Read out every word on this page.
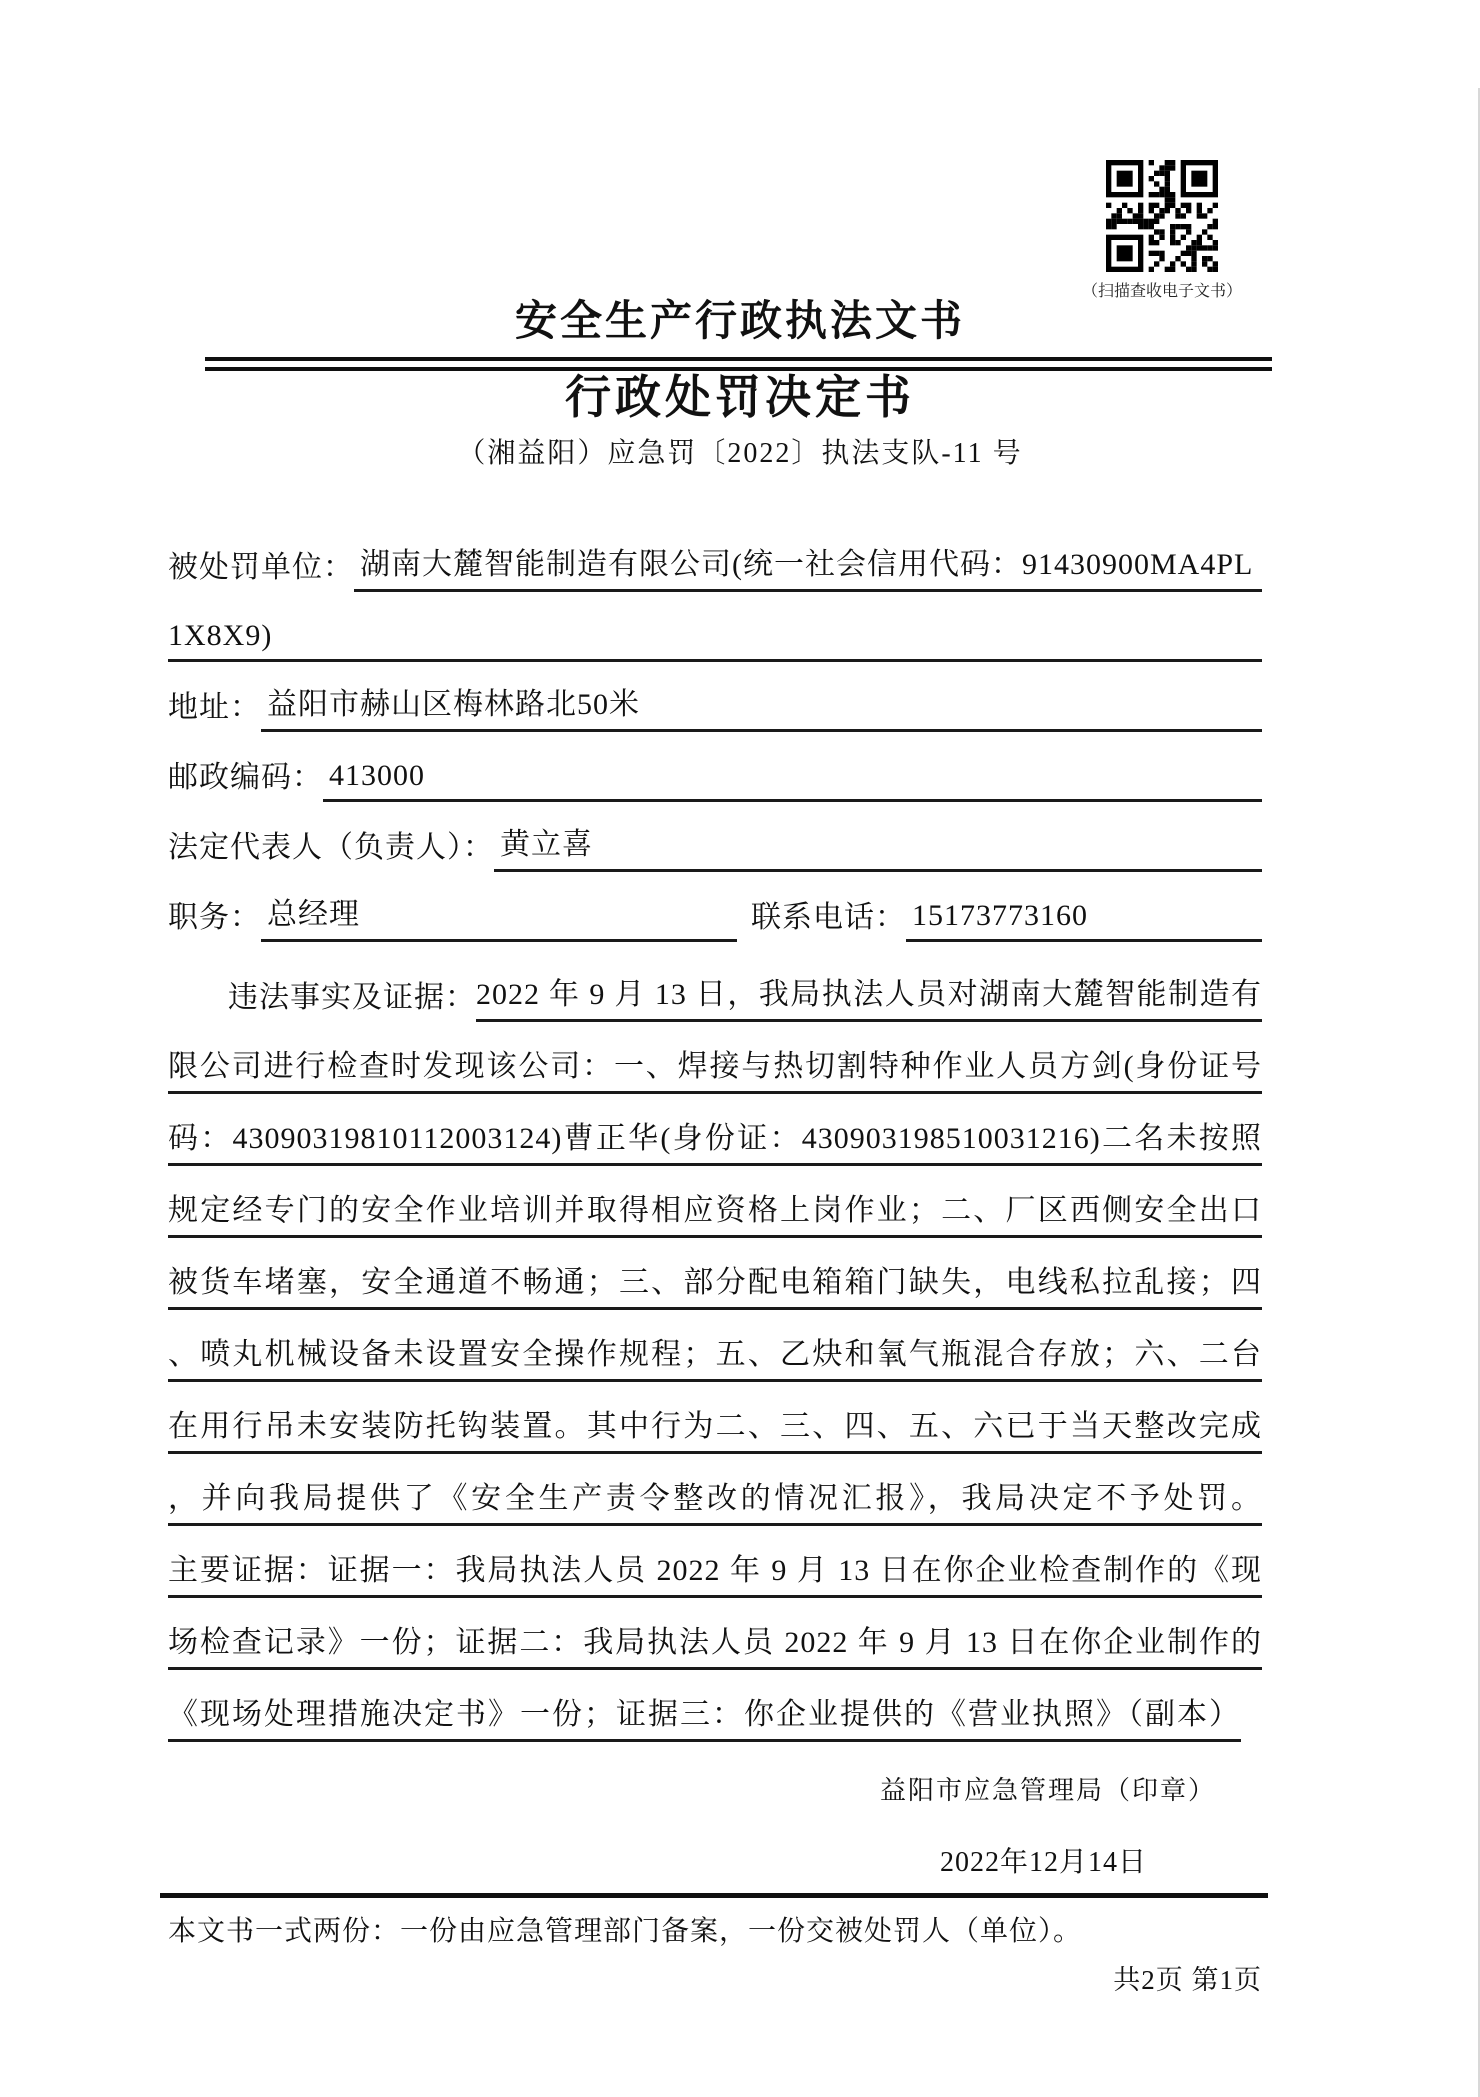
（扫描查收电子文书）
安全生产行政执法文书
行政处罚决定书
（湘益阳）应急罚〔2022〕执法支队-11 号
被处罚单位： 湖南大麓智能制造有限公司(统一社会信用代码：91430900MA4PL
1X8X9)
地址： 益阳市赫山区梅林路北50米
邮政编码： 413000
法定代表人（负责人）： 黄立喜
职务： 总经理	联系电话： 15173773160
违法事实及证据： 2022 年 9 月 13 日，我局执法人员对湖南大麓智能制造有
限公司进行检查时发现该公司：一、焊接与热切割特种作业人员方剑(身份证号
码：43090319810112003124)曹正华(身份证：430903198510031216)二名未按照
规定经专门的安全作业培训并取得相应资格上岗作业；二、厂区西侧安全出口
被货车堵塞，安全通道不畅通；三、部分配电箱箱门缺失，电线私拉乱接；四
、喷丸机械设备未设置安全操作规程；五、乙炔和氧气瓶混合存放；六、二台
在用行吊未安装防托钩装置。其中行为二、三、四、五、六已于当天整改完成
，并向我局提供了《安全生产责令整改的情况汇报》，我局决定不予处罚。
主要证据：证据一：我局执法人员 2022 年 9 月 13 日在你企业检查制作的《现
场检查记录》一份；证据二：我局执法人员 2022 年 9 月 13 日在你企业制作的
《现场处理措施决定书》一份；证据三：你企业提供的《营业执照》（副本）
益阳市应急管理局（印章）
2022年12月14日
本文书一式两份：一份由应急管理部门备案，一份交被处罚人（单位）。
共2页 第1页
